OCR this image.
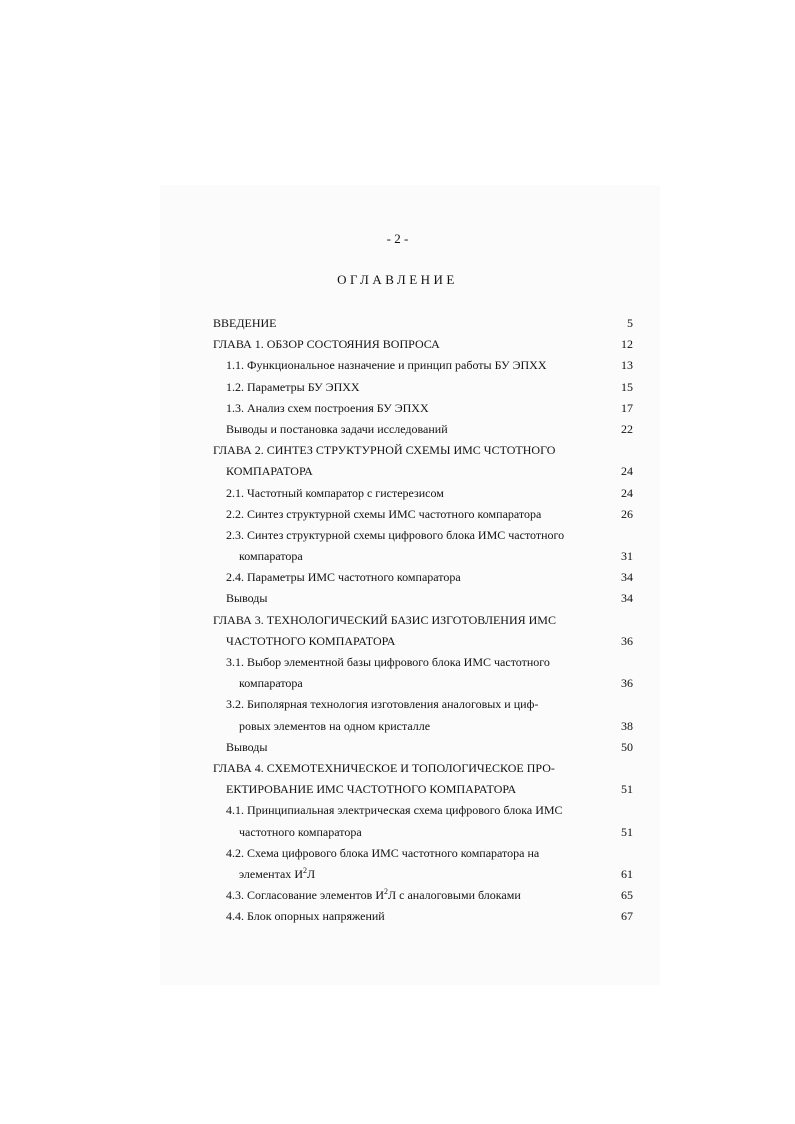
- 2 -
ОГЛАВЛЕНИЕ
ВВЕДЕНИЕ	5
ГЛАВА 1. ОБЗОР СОСТОЯНИЯ ВОПРОСА	12
1.1. Функциональное назначение и принцип работы БУ ЭПХХ	13
1.2. Параметры БУ ЭПХХ	15
1.3. Анализ схем построения БУ ЭПХХ	17
Выводы и постановка задачи исследований	22
ГЛАВА 2. СИНТЕЗ СТРУКТУРНОЙ СХЕМЫ ИМС ЧСТОТНОГО
КОМПАРАТОРА	24
2.1. Частотный компаратор с гистерезисом	24
2.2. Синтез структурной схемы ИМС частотного компаратора	26
2.3. Синтез структурной схемы цифрового блока ИМС частотного
компаратора	31
2.4. Параметры ИМС частотного компаратора	34
Выводы	34
ГЛАВА 3. ТЕХНОЛОГИЧЕСКИЙ БАЗИС ИЗГОТОВЛЕНИЯ ИМС
ЧАСТОТНОГО КОМПАРАТОРА	36
3.1. Выбор элементной базы цифрового блока ИМС частотного
компаратора	36
3.2. Биполярная технология изготовления аналоговых и циф-
ровых элементов на одном кристалле	38
Выводы	50
ГЛАВА 4. СХЕМОТЕХНИЧЕСКОЕ И ТОПОЛОГИЧЕСКОЕ ПРО-
ЕКТИРОВАНИЕ ИМС ЧАСТОТНОГО КОМПАРАТОРА	51
4.1. Принципиальная электрическая схема цифрового блока ИМС
частотного компаратора	51
4.2. Схема цифрового блока ИМС частотного компаратора на
элементах $И^2Л$	61
4.3. Согласование элементов $И^2Л$ с аналоговыми блоками	65
4.4. Блок опорных напряжений	67
